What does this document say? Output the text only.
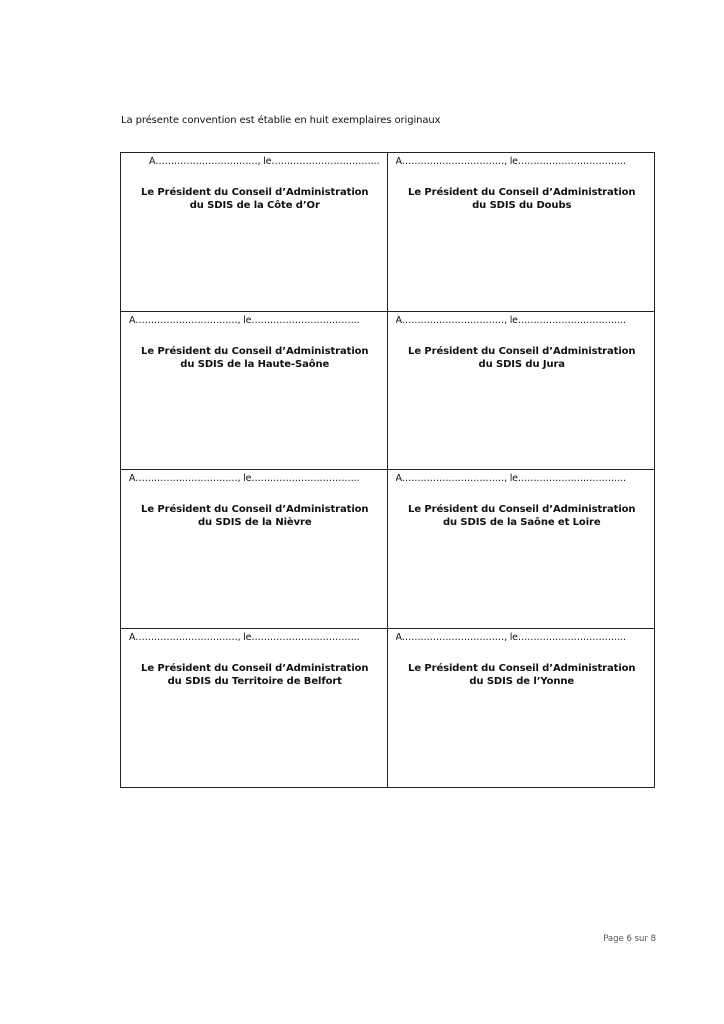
La présente convention est établie en huit exemplaires originaux
A……………………………, le……………………………..
Le Président du Conseil d’Administration
du SDIS de la Côte d’Or
A……………………………, le……………………………..
Le Président du Conseil d’Administration
du SDIS du Doubs
A……………………………, le……………………………..
Le Président du Conseil d’Administration
du SDIS de la Haute-Saône
A……………………………, le……………………………..
Le Président du Conseil d’Administration
du SDIS du Jura
A……………………………, le……………………………..
Le Président du Conseil d’Administration
du SDIS de la Nièvre
A……………………………, le……………………………..
Le Président du Conseil d’Administration
du SDIS de la Saône et Loire
A……………………………, le……………………………..
Le Président du Conseil d’Administration
du SDIS du Territoire de Belfort
A……………………………, le……………………………..
Le Président du Conseil d’Administration
du SDIS de l’Yonne
Page 6 sur 8
